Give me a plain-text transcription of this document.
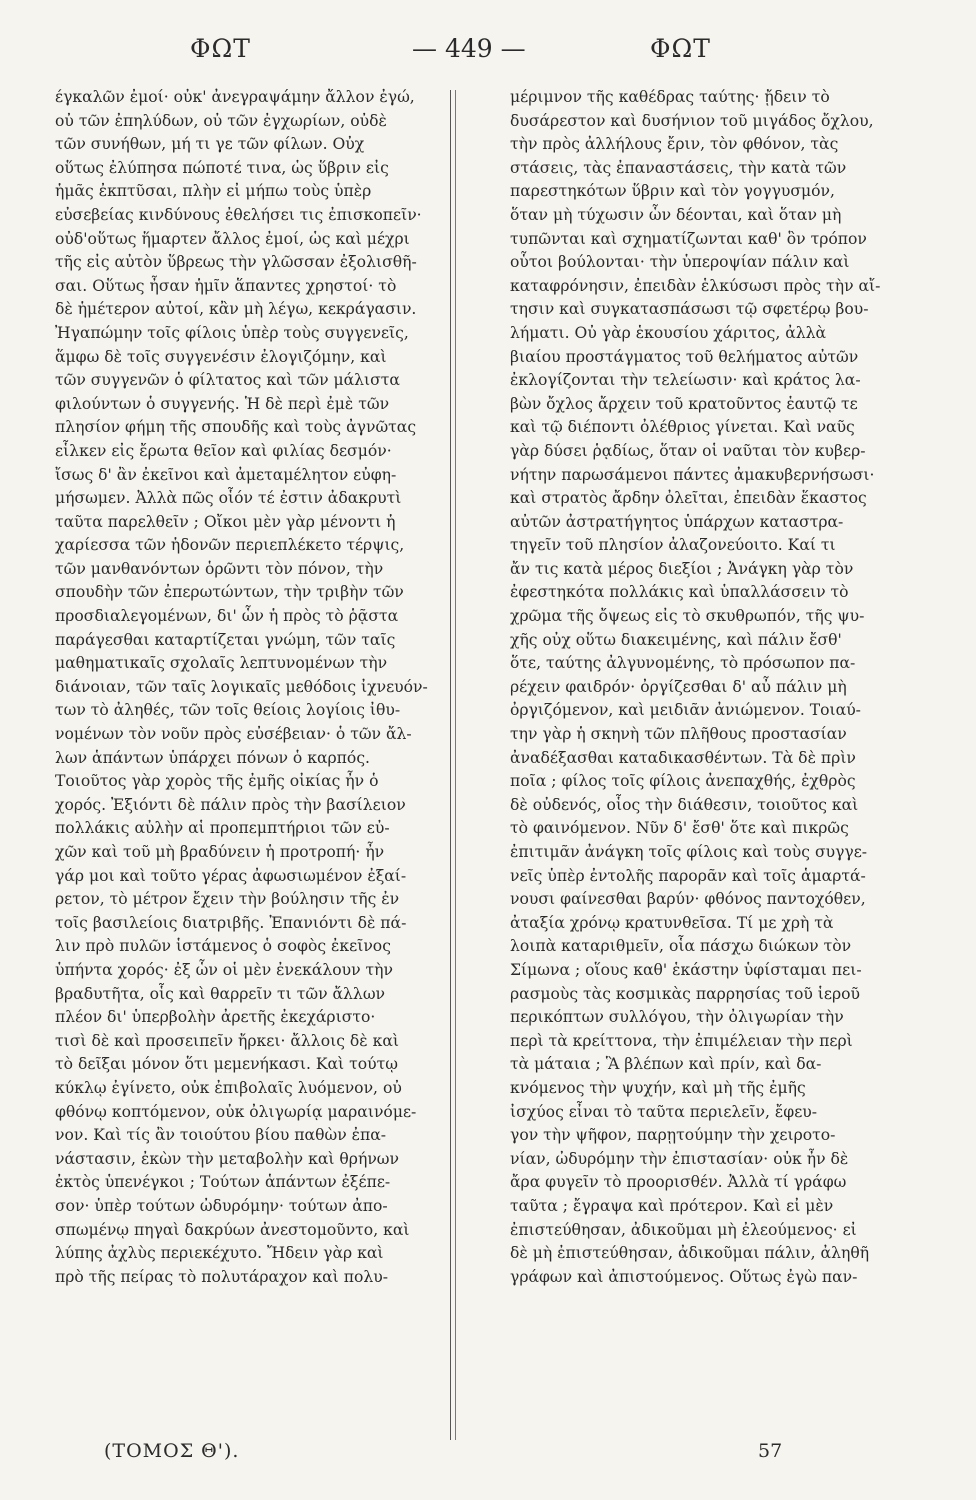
ΦΩΤ	— 449 —	ΦΩΤ
έγκαλῶν ἐμοί· οὐκ' ἀνεγραψάμην ἄλλον ἐγώ,
οὐ τῶν ἐπηλύδων, οὐ τῶν ἐγχωρίων, οὐδὲ
τῶν συνήθων, μή τι γε τῶν φίλων. Οὐχ
οὕτως ἐλύπησα πώποτέ τινα, ὡς ὕβριν εἰς
ἡμᾶς ἐκπτῦσαι, πλὴν εἰ μήπω τοὺς ὑπὲρ
εὐσεβείας κινδύνους ἐθελήσει τις ἐπισκοπεῖν·
οὐδ'οὕτως ἥμαρτεν ἄλλος ἐμοί, ὡς καὶ μέχρι
τῆς εἰς αὐτὸν ὕβρεως τὴν γλῶσσαν ἐξολισθῆ-
σαι. Οὕτως ἦσαν ἡμῖν ἅπαντες χρηστοί· τὸ
δὲ ἡμέτερον αὐτοί, κἂν μὴ λέγω, κεκράγασιν.
Ἠγαπώμην τοῖς φίλοις ὑπὲρ τοὺς συγγενεῖς,
ἅμφω δὲ τοῖς συγγενέσιν ἐλογιζόμην, καὶ
τῶν συγγενῶν ὁ φίλτατος καὶ τῶν μάλιστα
φιλούντων ὁ συγγενής. Ἡ δὲ περὶ ἐμὲ τῶν
πλησίον φήμη τῆς σπουδῆς καὶ τοὺς ἀγνῶτας
εἷλκεν εἰς ἔρωτα θεῖον καὶ φιλίας δεσμόν·
ἴσως δ' ἂν ἐκεῖνοι καὶ ἀμεταμέλητον εὐφη-
μήσωμεν. Ἀλλὰ πῶς οἷόν τέ ἐστιν ἀδακρυτὶ
ταῦτα παρελθεῖν ; Οἴκοι μὲν γὰρ μένοντι ἡ
χαρίεσσα τῶν ἡδονῶν περιεπλέκετο τέρψις,
τῶν μανθανόντων ὁρῶντι τὸν πόνον, τὴν
σπουδὴν τῶν ἐπερωτώντων, τὴν τριβὴν τῶν
προσδιαλεγομένων, δι' ὧν ἡ πρὸς τὸ ῥᾷστα
παράγεσθαι καταρτίζεται γνώμη, τῶν ταῖς
μαθηματικαῖς σχολαῖς λεπτυνομένων τὴν
διάνοιαν, τῶν ταῖς λογικαῖς μεθόδοις ἰχνευόν-
των τὸ ἀληθές, τῶν τοῖς θείοις λογίοις ἰθυ-
νομένων τὸν νοῦν πρὸς εὐσέβειαν· ὁ τῶν ἄλ-
λων ἁπάντων ὑπάρχει πόνων ὁ καρπός.
Τοιοῦτος γὰρ χορὸς τῆς ἐμῆς οἰκίας ἦν ὁ
χορός. Ἐξιόντι δὲ πάλιν πρὸς τὴν βασίλειον
πολλάκις αὐλὴν αἱ προπεμπτήριοι τῶν εὐ-
χῶν καὶ τοῦ μὴ βραδύνειν ἡ προτροπή· ἦν
γάρ μοι καὶ τοῦτο γέρας ἀφωσιωμένον ἐξαί-
ρετον, τὸ μέτρον ἔχειν τὴν βούλησιν τῆς ἐν
τοῖς βασιλείοις διατριβῆς. Ἐπανιόντι δὲ πά-
λιν πρὸ πυλῶν ἱστάμενος ὁ σοφὸς ἐκεῖνος
ὑπήντα χορός· ἐξ ὧν οἱ μὲν ἐνεκάλουν τὴν
βραδυτῆτα, οἷς καὶ θαρρεῖν τι τῶν ἄλλων
πλέον δι' ὑπερβολὴν ἀρετῆς ἐκεχάριστο·
τισὶ δὲ καὶ προσειπεῖν ἤρκει· ἄλλοις δὲ καὶ
τὸ δεῖξαι μόνον ὅτι μεμενήκασι. Καὶ τούτῳ
κύκλῳ ἐγίνετο, οὐκ ἐπιβολαῖς λυόμενον, οὐ
φθόνῳ κοπτόμενον, οὐκ ὀλιγωρίᾳ μαραινόμε-
νον. Καὶ τίς ἂν τοιούτου βίου παθὼν ἐπα-
νάστασιν, ἐκὼν τὴν μεταβολὴν καὶ θρήνων
ἐκτὸς ὑπενέγκοι ; Τούτων ἁπάντων ἐξέπε-
σον· ὑπὲρ τούτων ὠδυρόμην· τούτων ἀπο-
σπωμένῳ πηγαὶ δακρύων ἀνεστομοῦντο, καὶ
λύπης ἀχλὺς περιεκέχυτο. Ἤδειν γὰρ καὶ
πρὸ τῆς πείρας τὸ πολυτάραχον καὶ πολυ-
μέριμνον τῆς καθέδρας ταύτης· ᾔδειν τὸ
δυσάρεστον καὶ δυσήνιον τοῦ μιγάδος ὄχλου,
τὴν πρὸς ἀλλήλους ἔριν, τὸν φθόνον, τὰς
στάσεις, τὰς ἐπαναστάσεις, τὴν κατὰ τῶν
παρεστηκότων ὕβριν καὶ τὸν γογγυσμόν,
ὅταν μὴ τύχωσιν ὧν δέονται, καὶ ὅταν μὴ
τυπῶνται καὶ σχηματίζωνται καθ' ὃν τρόπον
οὗτοι βούλονται· τὴν ὑπεροψίαν πάλιν καὶ
καταφρόνησιν, ἐπειδὰν ἑλκύσωσι πρὸς τὴν αἴ-
τησιν καὶ συγκατασπάσωσι τῷ σφετέρῳ βου-
λήματι. Οὐ γὰρ ἑκουσίου χάριτος, ἀλλὰ
βιαίου προστάγματος τοῦ θελήματος αὐτῶν
ἐκλογίζονται τὴν τελείωσιν· καὶ κράτος λα-
βὼν ὄχλος ἄρχειν τοῦ κρατοῦντος ἑαυτῷ τε
καὶ τῷ διέποντι ὀλέθριος γίνεται. Καὶ ναῦς
γὰρ δύσει ῥᾳδίως, ὅταν οἱ ναῦται τὸν κυβερ-
νήτην παρωσάμενοι πάντες ἀμακυβερνήσωσι·
καὶ στρατὸς ἄρδην ὀλεῖται, ἐπειδὰν ἕκαστος
αὐτῶν ἀστρατήγητος ὑπάρχων καταστρα-
τηγεῖν τοῦ πλησίον ἀλαζονεύοιτο. Καί τι
ἄν τις κατὰ μέρος διεξίοι ; Ἀνάγκη γὰρ τὸν
ἐφεστηκότα πολλάκις καὶ ὑπαλλάσσειν τὸ
χρῶμα τῆς ὄψεως εἰς τὸ σκυθρωπόν, τῆς ψυ-
χῆς οὐχ οὕτω διακειμένης, καὶ πάλιν ἔσθ'
ὅτε, ταύτης ἀλγυνομένης, τὸ πρόσωπον πα-
ρέχειν φαιδρόν· ὀργίζεσθαι δ' αὖ πάλιν μὴ
ὀργιζόμενον, καὶ μειδιᾶν ἀνιώμενον. Τοιαύ-
την γὰρ ἡ σκηνὴ τῶν πλῆθους προστασίαν
ἀναδέξασθαι καταδικασθέντων. Τὰ δὲ πρὶν
ποῖα ; φίλος τοῖς φίλοις ἀνεπαχθής, ἐχθρὸς
δὲ οὐδενός, οἷος τὴν διάθεσιν, τοιοῦτος καὶ
τὸ φαινόμενον. Νῦν δ' ἔσθ' ὅτε καὶ πικρῶς
ἐπιτιμᾶν ἀνάγκη τοῖς φίλοις καὶ τοὺς συγγε-
νεῖς ὑπὲρ ἐντολῆς παρορᾶν καὶ τοῖς ἁμαρτά-
νουσι φαίνεσθαι βαρύν· φθόνος παντοχόθεν,
ἀταξία χρόνῳ κρατυνθεῖσα. Τί με χρὴ τὰ
λοιπὰ καταριθμεῖν, οἷα πάσχω διώκων τὸν
Σίμωνα ; οἵους καθ' ἑκάστην ὑφίσταμαι πει-
ρασμοὺς τὰς κοσμικὰς παρρησίας τοῦ ἱεροῦ
περικόπτων συλλόγου, τὴν ὀλιγωρίαν τὴν
περὶ τὰ κρείττονα, τὴν ἐπιμέλειαν τὴν περὶ
τὰ μάταια ; Ἃ βλέπων καὶ πρίν, καὶ δα-
κνόμενος τὴν ψυχήν, καὶ μὴ τῆς ἐμῆς
ἰσχύος εἶναι τὸ ταῦτα περιελεῖν, ἔφευ-
γον τὴν ψῆφον, παρῃτούμην τὴν χειροτο-
νίαν, ὠδυρόμην τὴν ἐπιστασίαν· οὐκ ἦν δὲ
ἄρα φυγεῖν τὸ προορισθέν. Ἀλλὰ τί γράφω
ταῦτα ; ἔγραψα καὶ πρότερον. Καὶ εἰ μὲν
ἐπιστεύθησαν, ἀδικοῦμαι μὴ ἐλεούμενος· εἰ
δὲ μὴ ἐπιστεύθησαν, ἀδικοῦμαι πάλιν, ἀληθῆ
γράφων καὶ ἀπιστούμενος. Οὕτως ἐγὼ παν-
(ΤΟΜΟΣ Θ').	57
